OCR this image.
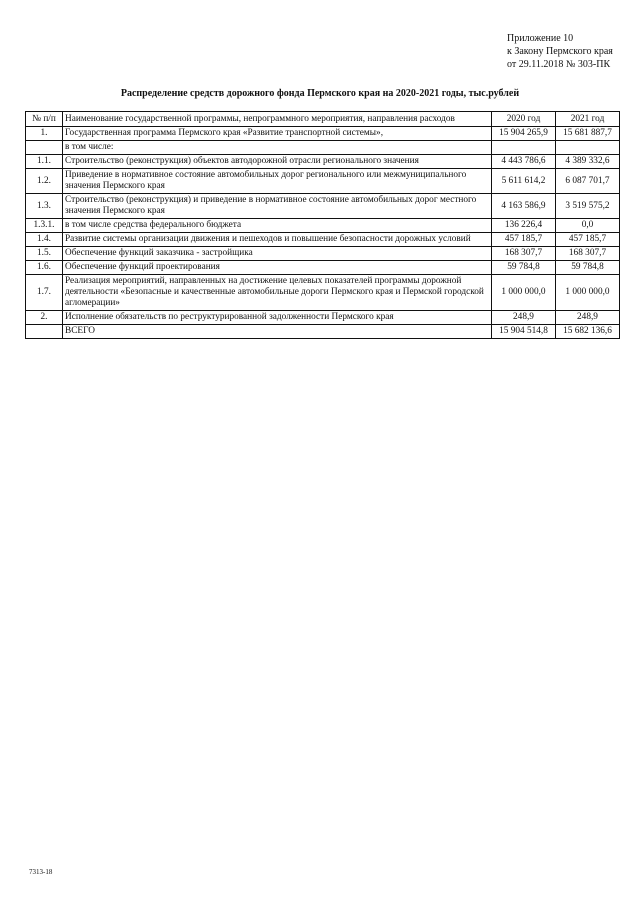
Приложение 10
к Закону Пермского края
от 29.11.2018 № 303-ПК
Распределение средств дорожного фонда Пермского края на 2020-2021 годы, тыс.рублей
№ п/п	Наименование государственной программы, непрограммного мероприятия, направления расходов	2020 год	2021 год
1.	Государственная программа Пермского края «Развитие транспортной системы»,	15 904 265,9	15 681 887,7
	в том числе:		
1.1.	Строительство (реконструкция) объектов автодорожной отрасли регионального значения	4 443 786,6	4 389 332,6
1.2.	Приведение в нормативное состояние автомобильных дорог регионального или межмуниципального значения Пермского края	5 611 614,2	6 087 701,7
1.3.	Строительство (реконструкция) и приведение в нормативное состояние автомобильных дорог местного значения Пермского края	4 163 586,9	3 519 575,2
1.3.1.	в том числе средства федерального бюджета	136 226,4	0,0
1.4.	Развитие системы организации движения и пешеходов и повышение безопасности дорожных условий	457 185,7	457 185,7
1.5.	Обеспечение функций заказчика - застройщика	168 307,7	168 307,7
1.6.	Обеспечение функций проектирования	59 784,8	59 784,8
1.7.	Реализация мероприятий, направленных на достижение целевых показателей программы дорожной деятельности «Безопасные и качественные автомобильные дороги Пермского края и Пермской городской агломерации»	1 000 000,0	1 000 000,0
2.	Исполнение обязательств по реструктурированной задолженности Пермского края	248,9	248,9
	ВСЕГО	15 904 514,8	15 682 136,6
7313-18
